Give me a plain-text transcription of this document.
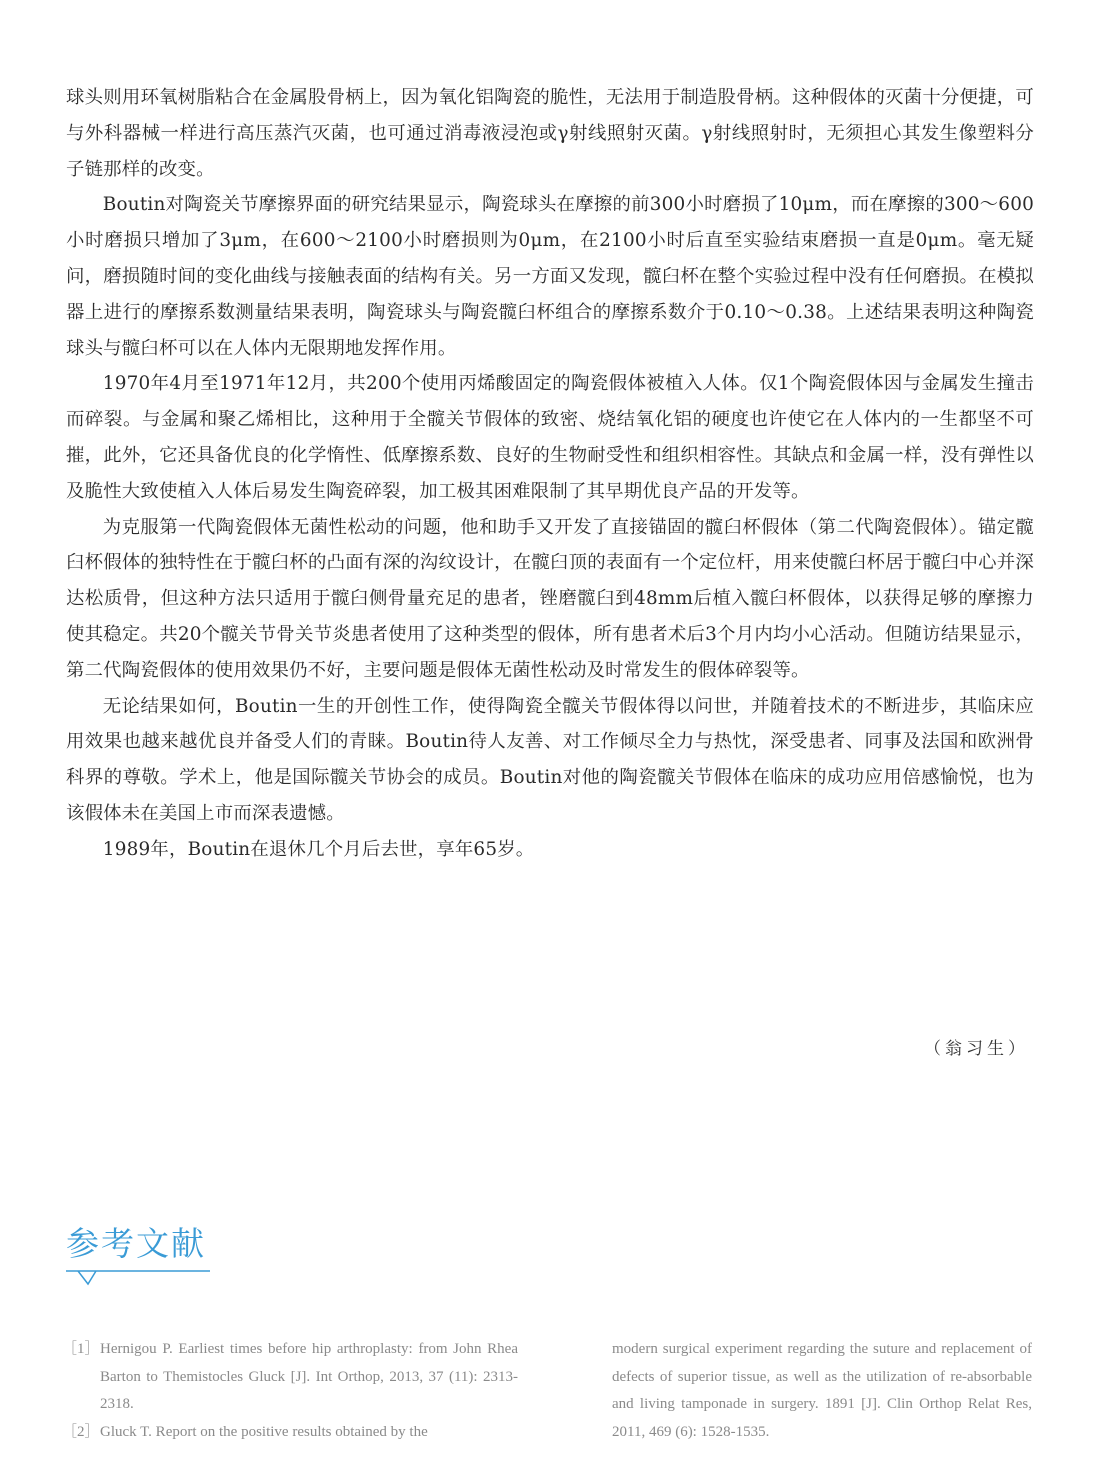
球头则用环氧树脂粘合在金属股骨柄上，因为氧化铝陶瓷的脆性，无法用于制造股骨柄。这种假体的灭菌十分便捷，可与外科器械一样进行高压蒸汽灭菌，也可通过消毒液浸泡或γ射线照射灭菌。γ射线照射时，无须担心其发生像塑料分子链那样的改变。

Boutin对陶瓷关节摩擦界面的研究结果显示，陶瓷球头在摩擦的前300小时磨损了10μm，而在摩擦的300～600小时磨损只增加了3μm，在600～2100小时磨损则为0μm，在2100小时后直至实验结束磨损一直是0μm。毫无疑问，磨损随时间的变化曲线与接触表面的结构有关。另一方面又发现，髋臼杯在整个实验过程中没有任何磨损。在模拟器上进行的摩擦系数测量结果表明，陶瓷球头与陶瓷髋臼杯组合的摩擦系数介于0.10～0.38。上述结果表明这种陶瓷球头与髋臼杯可以在人体内无限期地发挥作用。

1970年4月至1971年12月，共200个使用丙烯酸固定的陶瓷假体被植入人体。仅1个陶瓷假体因与金属发生撞击而碎裂。与金属和聚乙烯相比，这种用于全髋关节假体的致密、烧结氧化铝的硬度也许使它在人体内的一生都坚不可摧，此外，它还具备优良的化学惰性、低摩擦系数、良好的生物耐受性和组织相容性。其缺点和金属一样，没有弹性以及脆性大致使植入人体后易发生陶瓷碎裂，加工极其困难限制了其早期优良产品的开发等。

为克服第一代陶瓷假体无菌性松动的问题，他和助手又开发了直接锚固的髋臼杯假体（第二代陶瓷假体）。锚定髋臼杯假体的独特性在于髋臼杯的凸面有深的沟纹设计，在髋臼顶的表面有一个定位杆，用来使髋臼杯居于髋臼中心并深达松质骨，但这种方法只适用于髋臼侧骨量充足的患者，锉磨髋臼到48mm后植入髋臼杯假体，以获得足够的摩擦力使其稳定。共20个髋关节骨关节炎患者使用了这种类型的假体，所有患者术后3个月内均小心活动。但随访结果显示，第二代陶瓷假体的使用效果仍不好，主要问题是假体无菌性松动及时常发生的假体碎裂等。

无论结果如何，Boutin一生的开创性工作，使得陶瓷全髋关节假体得以问世，并随着技术的不断进步，其临床应用效果也越来越优良并备受人们的青睐。Boutin待人友善、对工作倾尽全力与热忱，深受患者、同事及法国和欧洲骨科界的尊敬。学术上，他是国际髋关节协会的成员。Boutin对他的陶瓷髋关节假体在临床的成功应用倍感愉悦，也为该假体未在美国上市而深表遗憾。

1989年，Boutin在退休几个月后去世，享年65岁。

（翁习生）
参考文献

［1］Hernigou P. Earliest times before hip arthroplasty: from John Rhea Barton to Themistocles Gluck [J]. Int Orthop, 2013, 37 (11): 2313-2318.

［2］Gluck T. Report on the positive results obtained by the

modern surgical experiment regarding the suture and replacement of defects of superior tissue, as well as the utilization of re-absorbable and living tamponade in surgery. 1891 [J]. Clin Orthop Relat Res, 2011, 469 (6): 1528-1535.
